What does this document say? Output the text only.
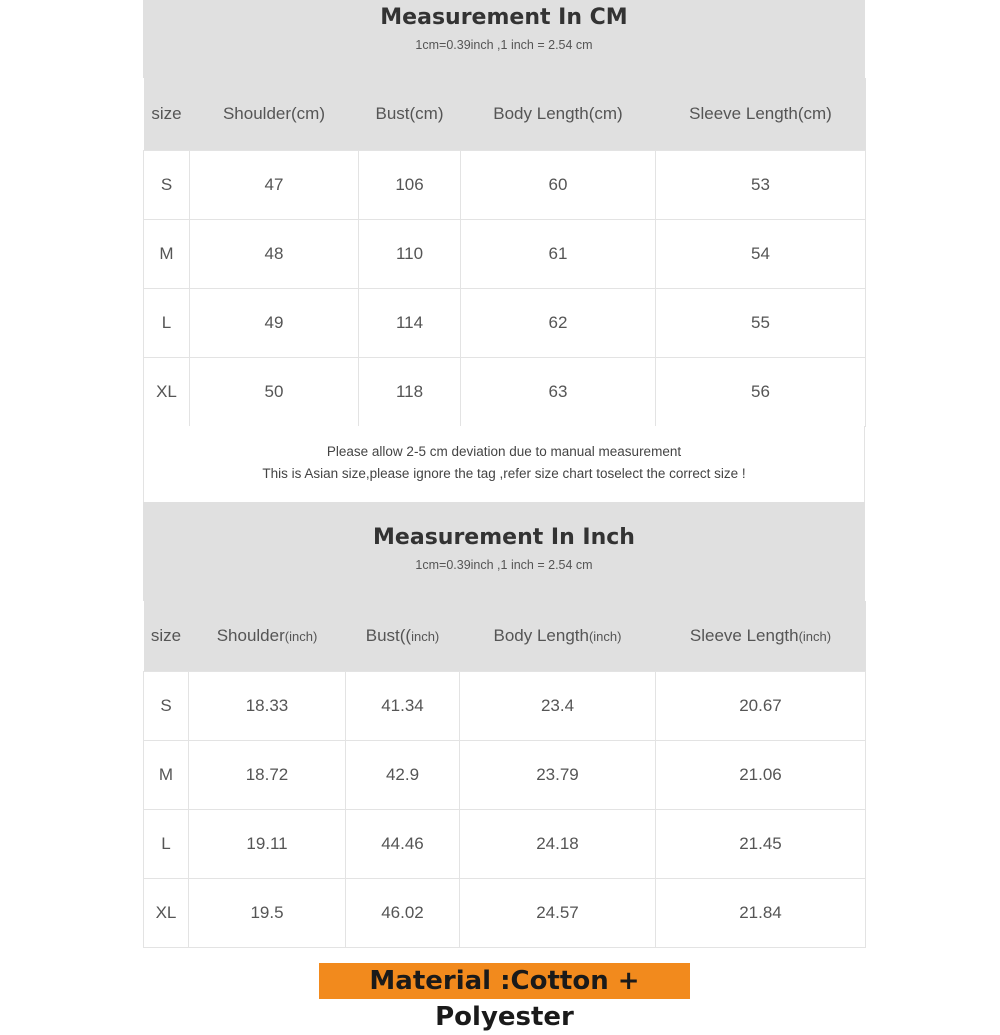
Measurement In CM
1cm=0.39inch ,1 inch = 2.54 cm
size	Shoulder(cm)	Bust(cm)	Body Length(cm)	Sleeve Length(cm)
S	47	106	60	53
M	48	110	61	54
L	49	114	62	55
XL	50	118	63	56
Please allow 2-5 cm deviation due to manual measurement
This is Asian size,please ignore the tag ,refer size chart toselect the correct size !
Measurement In Inch
1cm=0.39inch ,1 inch = 2.54 cm
size	Shoulder(inch)	Bust((inch)	Body Length(inch)	Sleeve Length(inch)
S	18.33	41.34	23.4	20.67
M	18.72	42.9	23.79	21.06
L	19.11	44.46	24.18	21.45
XL	19.5	46.02	24.57	21.84
Material :Cotton + Polyester
